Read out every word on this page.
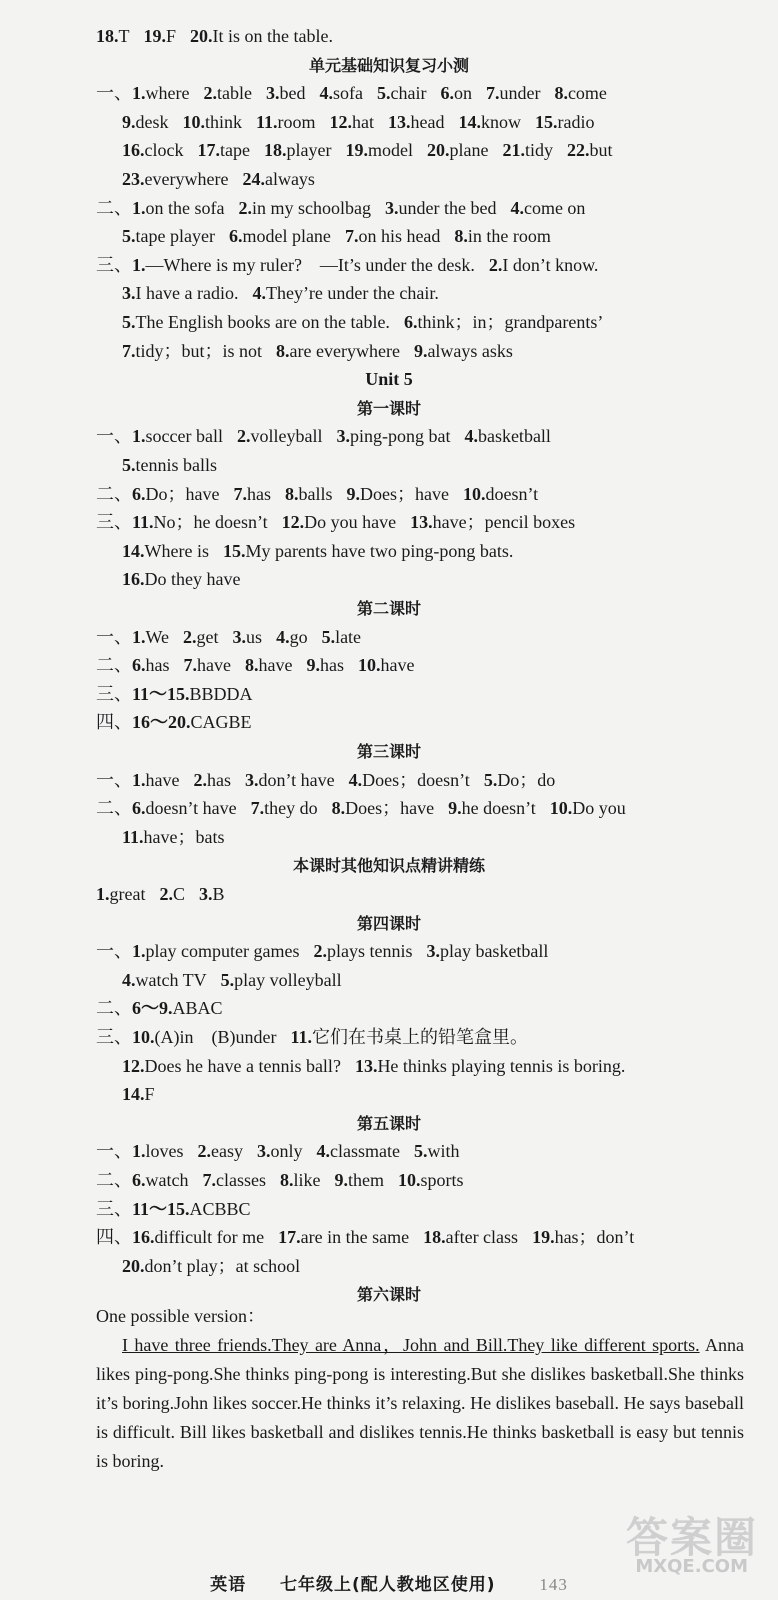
18.T 19.F 20.It is on the table.
单元基础知识复习小测
一、1.where 2.table 3.bed 4.sofa 5.chair 6.on 7.under 8.come
9.desk 10.think 11.room 12.hat 13.head 14.know 15.radio
16.clock 17.tape 18.player 19.model 20.plane 21.tidy 22.but
23.everywhere 24.always
二、1.on the sofa 2.in my schoolbag 3.under the bed 4.come on
5.tape player 6.model plane 7.on his head 8.in the room
三、1.—Where is my ruler?　—It’s under the desk. 2.I don’t know.
3.I have a radio. 4.They’re under the chair.
5.The English books are on the table. 6.think；in；grandparents’
7.tidy；but；is not 8.are everywhere 9.always asks
Unit 5
第一课时
一、1.soccer ball 2.volleyball 3.ping-pong bat 4.basketball
5.tennis balls
二、6.Do；have 7.has 8.balls 9.Does；have 10.doesn’t
三、11.No；he doesn’t 12.Do you have 13.have；pencil boxes
14.Where is 15.My parents have two ping-pong bats.
16.Do they have
第二课时
一、1.We 2.get 3.us 4.go 5.late
二、6.has 7.have 8.have 9.has 10.have
三、11～15.BBDDA
四、16～20.CAGBE
第三课时
一、1.have 2.has 3.don’t have 4.Does；doesn’t 5.Do；do
二、6.doesn’t have 7.they do 8.Does；have 9.he doesn’t 10.Do you
11.have；bats
本课时其他知识点精讲精练
1.great 2.C 3.B
第四课时
一、1.play computer games 2.plays tennis 3.play basketball
4.watch TV 5.play volleyball
二、6～9.ABAC
三、10.(A)in　(B)under 11.它们在书桌上的铅笔盒里。
12.Does he have a tennis ball? 13.He thinks playing tennis is boring.
14.F
第五课时
一、1.loves 2.easy 3.only 4.classmate 5.with
二、6.watch 7.classes 8.like 9.them 10.sports
三、11～15.ACBBC
四、16.difficult for me 17.are in the same 18.after class 19.has；don’t
20.don’t play；at school
第六课时
One possible version：
I have three friends.They are Anna，John and Bill.They like different sports. Anna likes ping-pong.She thinks ping-pong is interesting.But she dislikes basketball.She thinks it’s boring.John likes soccer.He thinks it’s relaxing. He dislikes baseball. He says baseball is difficult. Bill likes basketball and dislikes tennis.He thinks basketball is easy but tennis is boring.
答案圈
MXQE.COM
英语 七年级上(配人教地区使用)	143
